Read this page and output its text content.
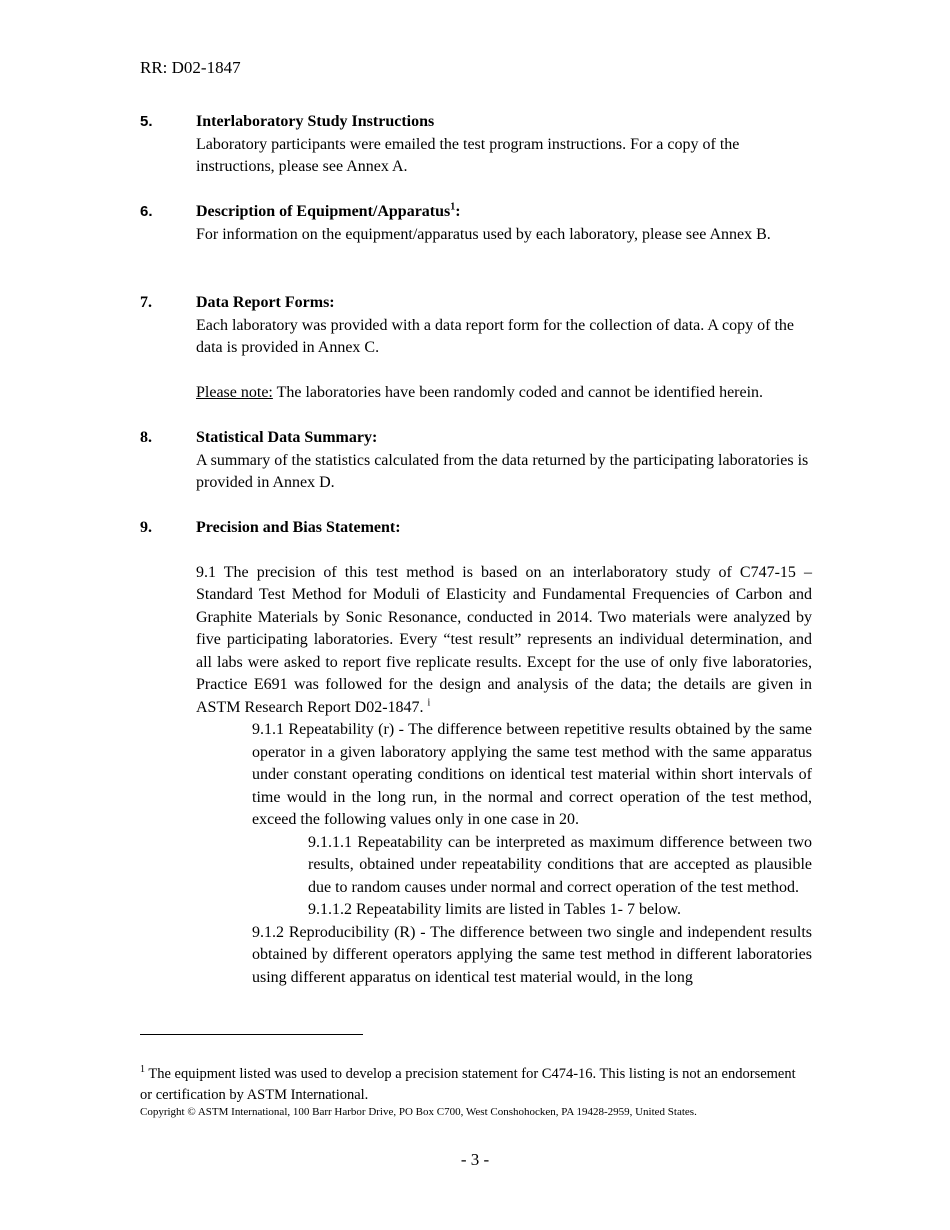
RR: D02-1847
5.	Interlaboratory Study Instructions
Laboratory participants were emailed the test program instructions. For a copy of the instructions, please see Annex A.
6.	Description of Equipment/Apparatus$^1$:
For information on the equipment/apparatus used by each laboratory, please see Annex B.
7.	Data Report Forms:
Each laboratory was provided with a data report form for the collection of data. A copy of the data is provided in Annex C.
Please note: The laboratories have been randomly coded and cannot be identified herein.
8.	Statistical Data Summary:
A summary of the statistics calculated from the data returned by the participating laboratories is provided in Annex D.
9.	Precision and Bias Statement:
9.1 The precision of this test method is based on an interlaboratory study of C747-15 – Standard Test Method for Moduli of Elasticity and Fundamental Frequencies of Carbon and Graphite Materials by Sonic Resonance, conducted in 2014. Two materials were analyzed by five participating laboratories. Every “test result” represents an individual determination, and all labs were asked to report five replicate results. Except for the use of only five laboratories, Practice E691 was followed for the design and analysis of the data; the details are given in ASTM Research Report D02-1847. $^i$
9.1.1 Repeatability (r) - The difference between repetitive results obtained by the same operator in a given laboratory applying the same test method with the same apparatus under constant operating conditions on identical test material within short intervals of time would in the long run, in the normal and correct operation of the test method, exceed the following values only in one case in 20.
9.1.1.1 Repeatability can be interpreted as maximum difference between two results, obtained under repeatability conditions that are accepted as plausible due to random causes under normal and correct operation of the test method.
9.1.1.2 Repeatability limits are listed in Tables 1- 7 below.
9.1.2 Reproducibility (R) - The difference between two single and independent results obtained by different operators applying the same test method in different laboratories using different apparatus on identical test material would, in the long
$^1$ The equipment listed was used to develop a precision statement for C474-16. This listing is not an endorsement or certification by ASTM International.
Copyright © ASTM International, 100 Barr Harbor Drive, PO Box C700, West Conshohocken, PA 19428-2959, United States.
- 3 -
